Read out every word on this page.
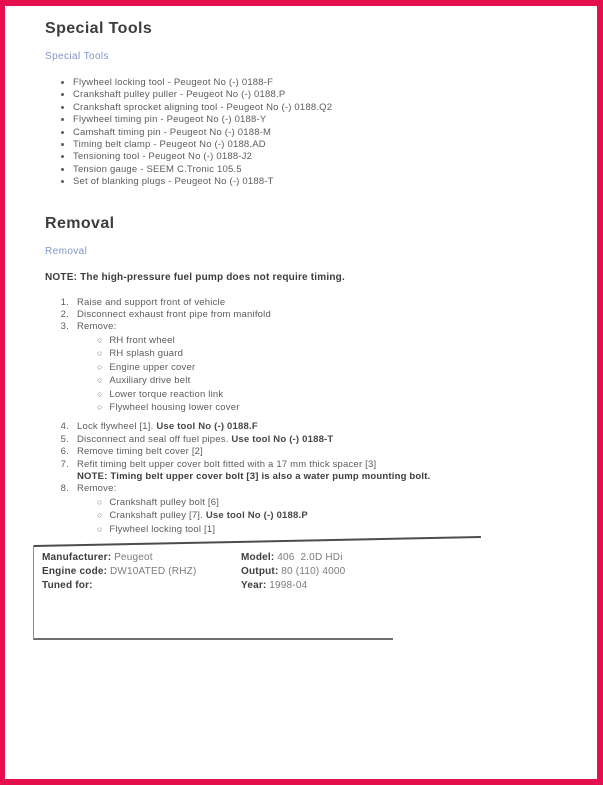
Special Tools
Special Tools
• Flywheel locking tool - Peugeot No (-) 0188-F
• Crankshaft pulley puller - Peugeot No (-) 0188.P
• Crankshaft sprocket aligning tool - Peugeot No (-) 0188.Q2
• Flywheel timing pin - Peugeot No (-) 0188-Y
• Camshaft timing pin - Peugeot No (-) 0188-M
• Timing belt clamp - Peugeot No (-) 0188.AD
• Tensioning tool - Peugeot No (-) 0188-J2
• Tension gauge - SEEM C.Tronic 105.5
• Set of blanking plugs - Peugeot No (-) 0188-T
Removal
Removal

NOTE: The high-pressure fuel pump does not require timing.

1. Raise and support front of vehicle
2. Disconnect exhaust front pipe from manifold
3. Remove:
○ RH front wheel
○ RH splash guard
○ Engine upper cover
○ Auxiliary drive belt
○ Lower torque reaction link
○ Flywheel housing lower cover
4. Lock flywheel [1]. Use tool No (-) 0188.F
5. Disconnect and seal off fuel pipes. Use tool No (-) 0188-T
6. Remove timing belt cover [2]
7. Refit timing belt upper cover bolt fitted with a 17 mm thick spacer [3]
NOTE: Timing belt upper cover bolt [3] is also a water pump mounting bolt.
8. Remove:
○ Crankshaft pulley bolt [6]
○ Crankshaft pulley [7]. Use tool No (-) 0188.P
○ Flywheel locking tool [1]
Manufacturer: Peugeot	Model: 406  2.0D HDi
Engine code: DW10ATED (RHZ)	Output: 80 (110) 4000
Tuned for:	Year: 1998-04
